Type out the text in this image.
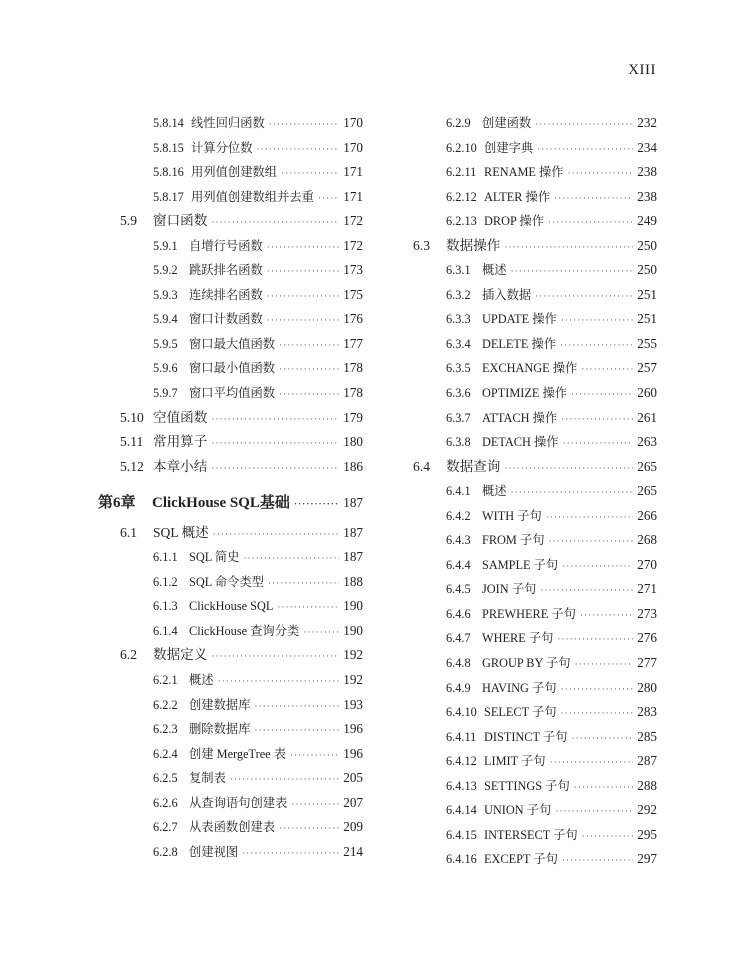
XIII
5.8.14 线性回归函数 ·····	170
5.8.15 计算分位数 ·····	170
5.8.16 用列值创建数组 ·····	171
5.8.17 用列值创建数组并去重 ·····	171
5.9	窗口函数 ·····	172
5.9.1 自增行号函数 ·····	172
5.9.2 跳跃排名函数 ·····	173
5.9.3 连续排名函数 ·····	175
5.9.4 窗口计数函数 ·····	176
5.9.5 窗口最大值函数 ·····	177
5.9.6 窗口最小值函数 ·····	178
5.9.7 窗口平均值函数 ·····	178
5.10 空值函数 ·····	179
5.11 常用算子 ·····	180
5.12 本章小结 ·····	186
第6章	ClickHouse SQL基础 ·····	187
6.1	SQL 概述 ·····	187
6.1.1 SQL 简史 ·····	187
6.1.2 SQL 命令类型 ·····	188
6.1.3 ClickHouse SQL ·····	190
6.1.4 ClickHouse 查询分类 ·····	190
6.2	数据定义 ·····	192
6.2.1 概述 ·····	192
6.2.2 创建数据库 ·····	193
6.2.3 删除数据库 ·····	196
6.2.4 创建 MergeTree 表 ·····	196
6.2.5 复制表 ·····	205
6.2.6 从查询语句创建表 ·····	207
6.2.7 从表函数创建表 ·····	209
6.2.8 创建视图 ·····	214
6.2.9 创建函数 ·····	232
6.2.10 创建字典 ·····	234
6.2.11 RENAME 操作 ·····	238
6.2.12 ALTER 操作 ·····	238
6.2.13 DROP 操作 ·····	249
6.3	数据操作 ·····	250
6.3.1 概述 ·····	250
6.3.2 插入数据 ·····	251
6.3.3 UPDATE 操作 ·····	251
6.3.4 DELETE 操作 ·····	255
6.3.5 EXCHANGE 操作 ·····	257
6.3.6 OPTIMIZE 操作 ·····	260
6.3.7 ATTACH 操作 ·····	261
6.3.8 DETACH 操作 ·····	263
6.4	数据查询 ·····	265
6.4.1 概述 ·····	265
6.4.2 WITH 子句 ·····	266
6.4.3 FROM 子句 ·····	268
6.4.4 SAMPLE 子句 ·····	270
6.4.5 JOIN 子句 ·····	271
6.4.6 PREWHERE 子句 ·····	273
6.4.7 WHERE 子句 ·····	276
6.4.8 GROUP BY 子句 ·····	277
6.4.9 HAVING 子句 ·····	280
6.4.10 SELECT 子句 ·····	283
6.4.11 DISTINCT 子句 ·····	285
6.4.12 LIMIT 子句 ·····	287
6.4.13 SETTINGS 子句 ·····	288
6.4.14 UNION 子句 ·····	292
6.4.15 INTERSECT 子句 ·····	295
6.4.16 EXCEPT 子句 ·····	297
